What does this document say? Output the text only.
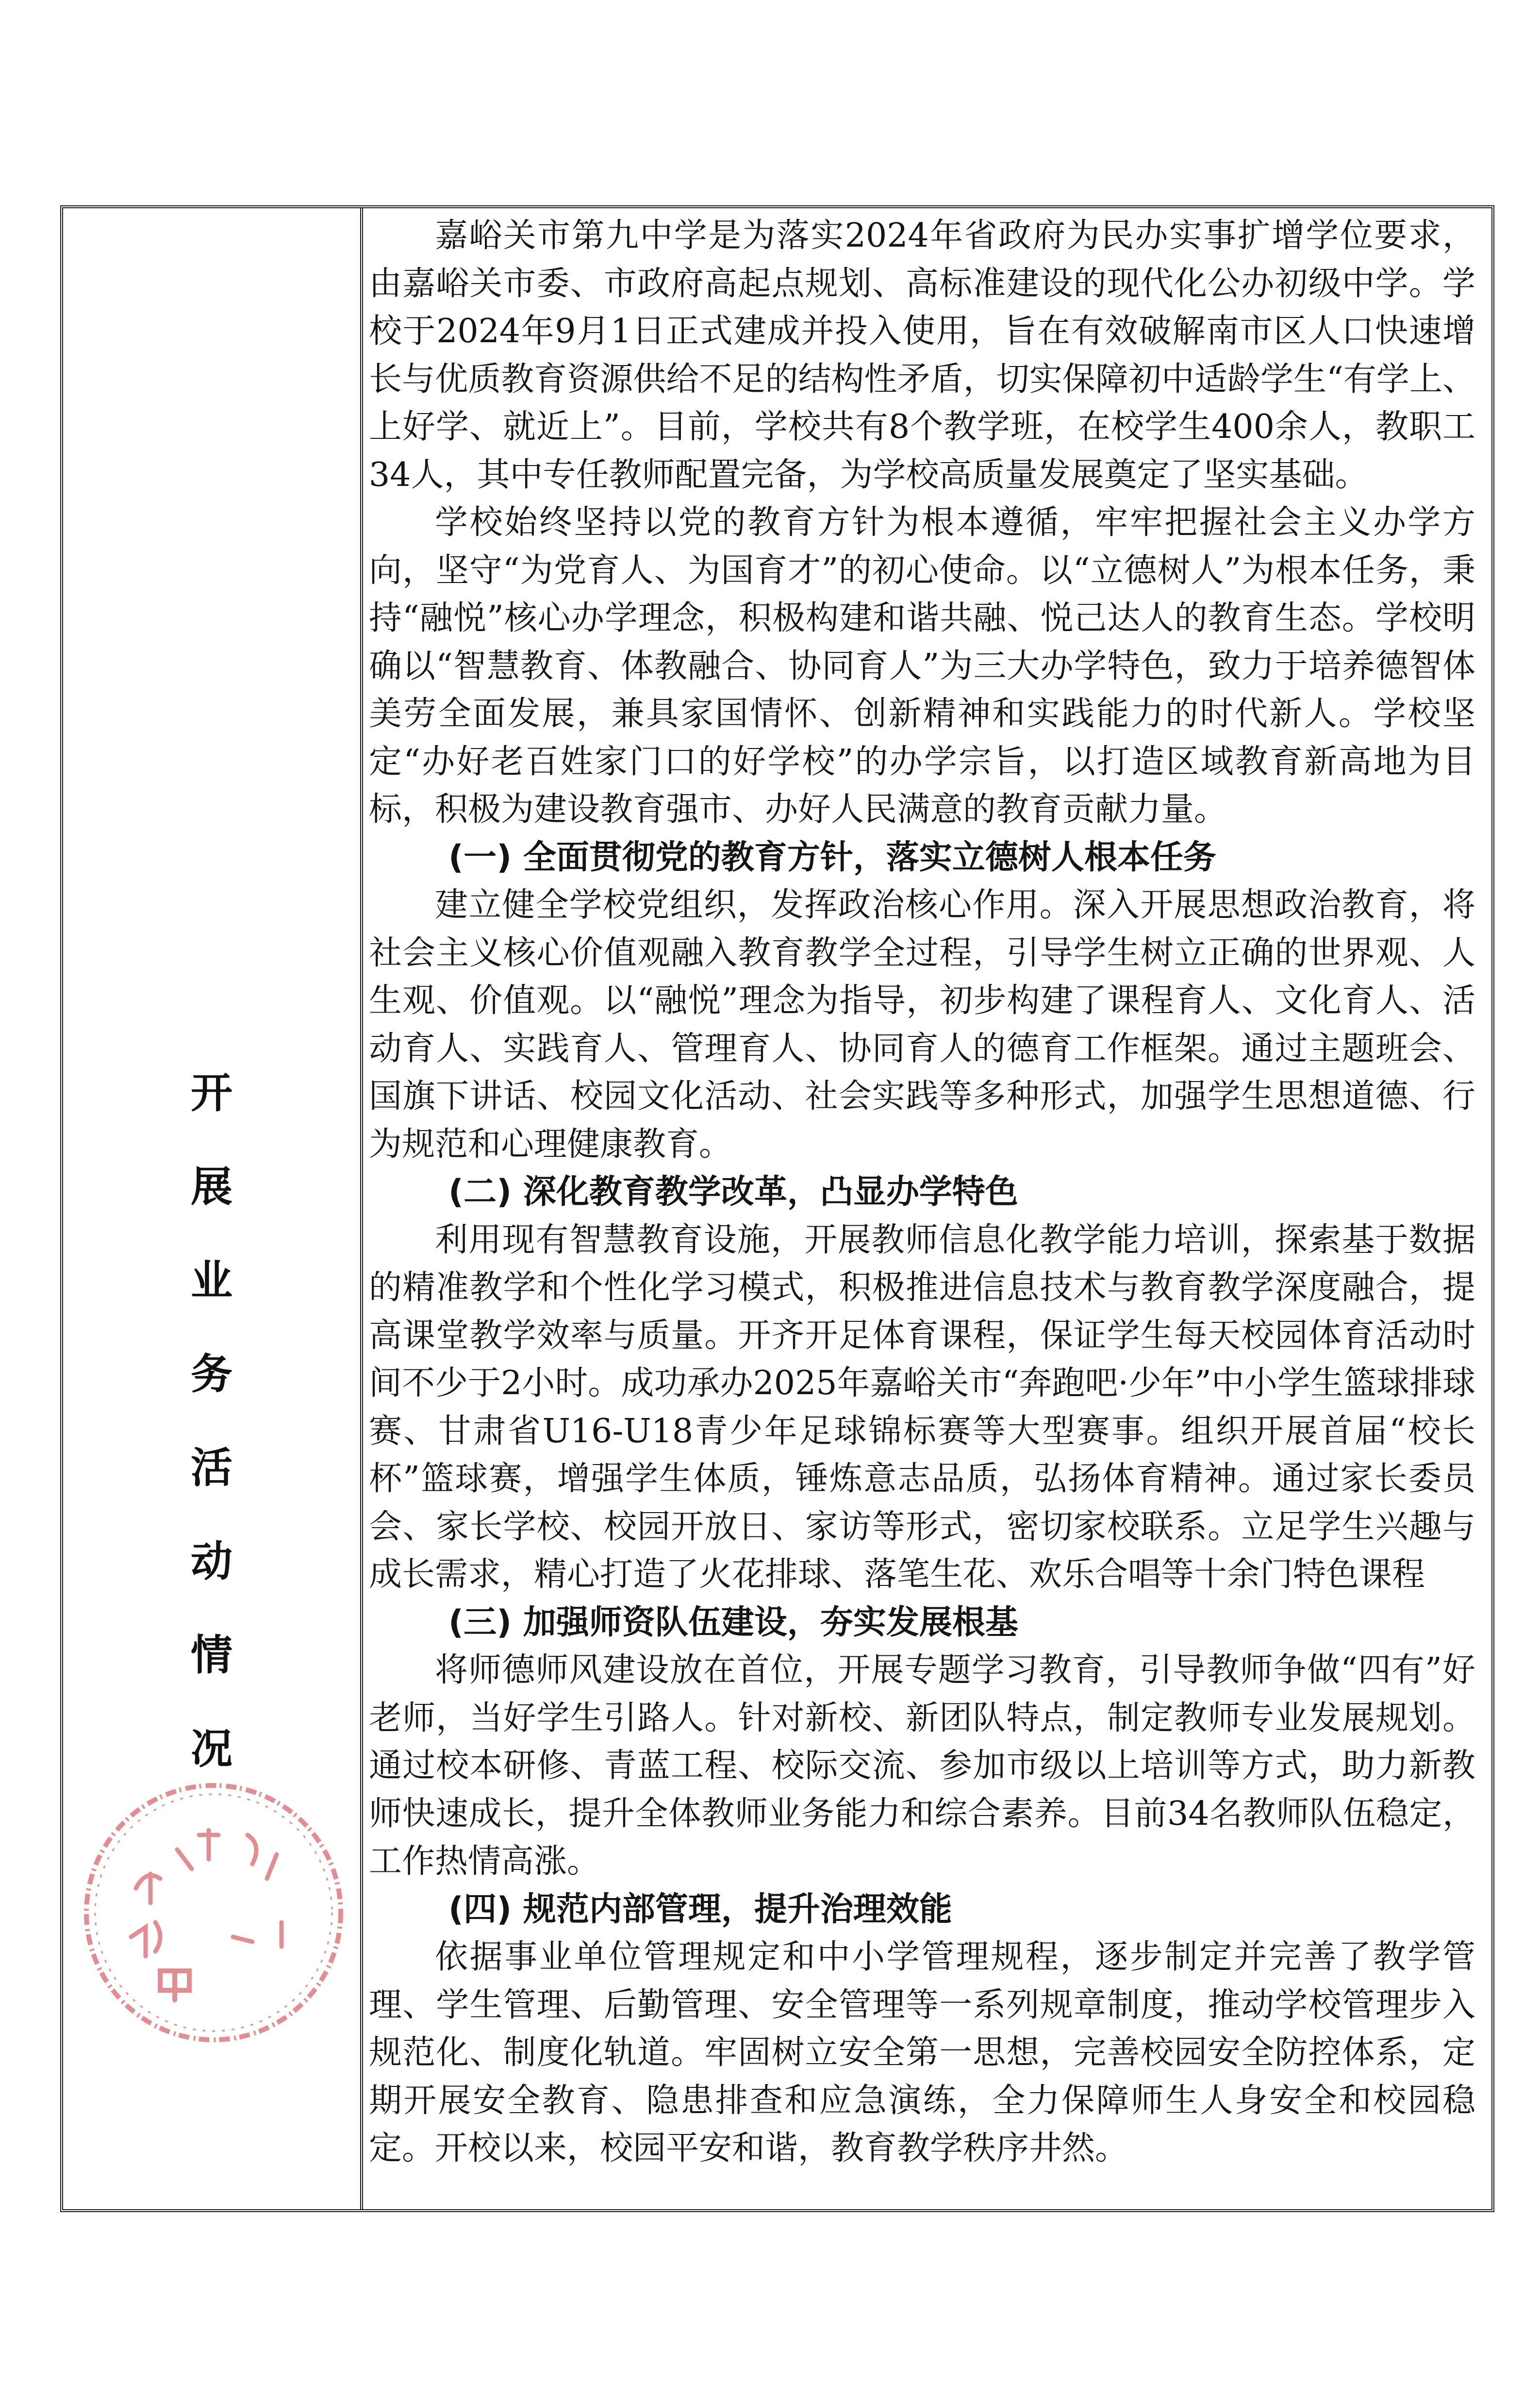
开
展
业
务
活
动
情
况

嘉峪关市第九中学是为落实2024年省政府为民办实事扩增学位要求，由嘉峪关市委、市政府高起点规划、高标准建设的现代化公办初级中学。学校于2024年9月1日正式建成并投入使用，旨在有效破解南市区人口快速增长与优质教育资源供给不足的结构性矛盾，切实保障初中适龄学生“有学上、上好学、就近上”。目前，学校共有8个教学班，在校学生400余人，教职工34人，其中专任教师配置完备，为学校高质量发展奠定了坚实基础。

学校始终坚持以党的教育方针为根本遵循，牢牢把握社会主义办学方向，坚守“为党育人、为国育才”的初心使命。以“立德树人”为根本任务，秉持“融悦”核心办学理念，积极构建和谐共融、悦己达人的教育生态。学校明确以“智慧教育、体教融合、协同育人”为三大办学特色，致力于培养德智体美劳全面发展，兼具家国情怀、创新精神和实践能力的时代新人。学校坚定“办好老百姓家门口的好学校”的办学宗旨，以打造区域教育新高地为目标，积极为建设教育强市、办好人民满意的教育贡献力量。

(一) 全面贯彻党的教育方针，落实立德树人根本任务

建立健全学校党组织，发挥政治核心作用。深入开展思想政治教育，将社会主义核心价值观融入教育教学全过程，引导学生树立正确的世界观、人生观、价值观。以“融悦”理念为指导，初步构建了课程育人、文化育人、活动育人、实践育人、管理育人、协同育人的德育工作框架。通过主题班会、国旗下讲话、校园文化活动、社会实践等多种形式，加强学生思想道德、行为规范和心理健康教育。

(二) 深化教育教学改革，凸显办学特色

利用现有智慧教育设施，开展教师信息化教学能力培训，探索基于数据的精准教学和个性化学习模式，积极推进信息技术与教育教学深度融合，提高课堂教学效率与质量。开齐开足体育课程，保证学生每天校园体育活动时间不少于2小时。成功承办2025年嘉峪关市“奔跑吧·少年”中小学生篮球排球赛、甘肃省U16-U18青少年足球锦标赛等大型赛事。组织开展首届“校长杯”篮球赛，增强学生体质，锤炼意志品质，弘扬体育精神。通过家长委员会、家长学校、校园开放日、家访等形式，密切家校联系。立足学生兴趣与成长需求，精心打造了火花排球、落笔生花、欢乐合唱等十余门特色课程

(三) 加强师资队伍建设，夯实发展根基

将师德师风建设放在首位，开展专题学习教育，引导教师争做“四有”好老师，当好学生引路人。针对新校、新团队特点，制定教师专业发展规划。通过校本研修、青蓝工程、校际交流、参加市级以上培训等方式，助力新教师快速成长，提升全体教师业务能力和综合素养。目前34名教师队伍稳定，工作热情高涨。

(四) 规范内部管理，提升治理效能

依据事业单位管理规定和中小学管理规程，逐步制定并完善了教学管理、学生管理、后勤管理、安全管理等一系列规章制度，推动学校管理步入规范化、制度化轨道。牢固树立安全第一思想，完善校园安全防控体系，定期开展安全教育、隐患排查和应急演练，全力保障师生人身安全和校园稳定。开校以来，校园平安和谐，教育教学秩序井然。
